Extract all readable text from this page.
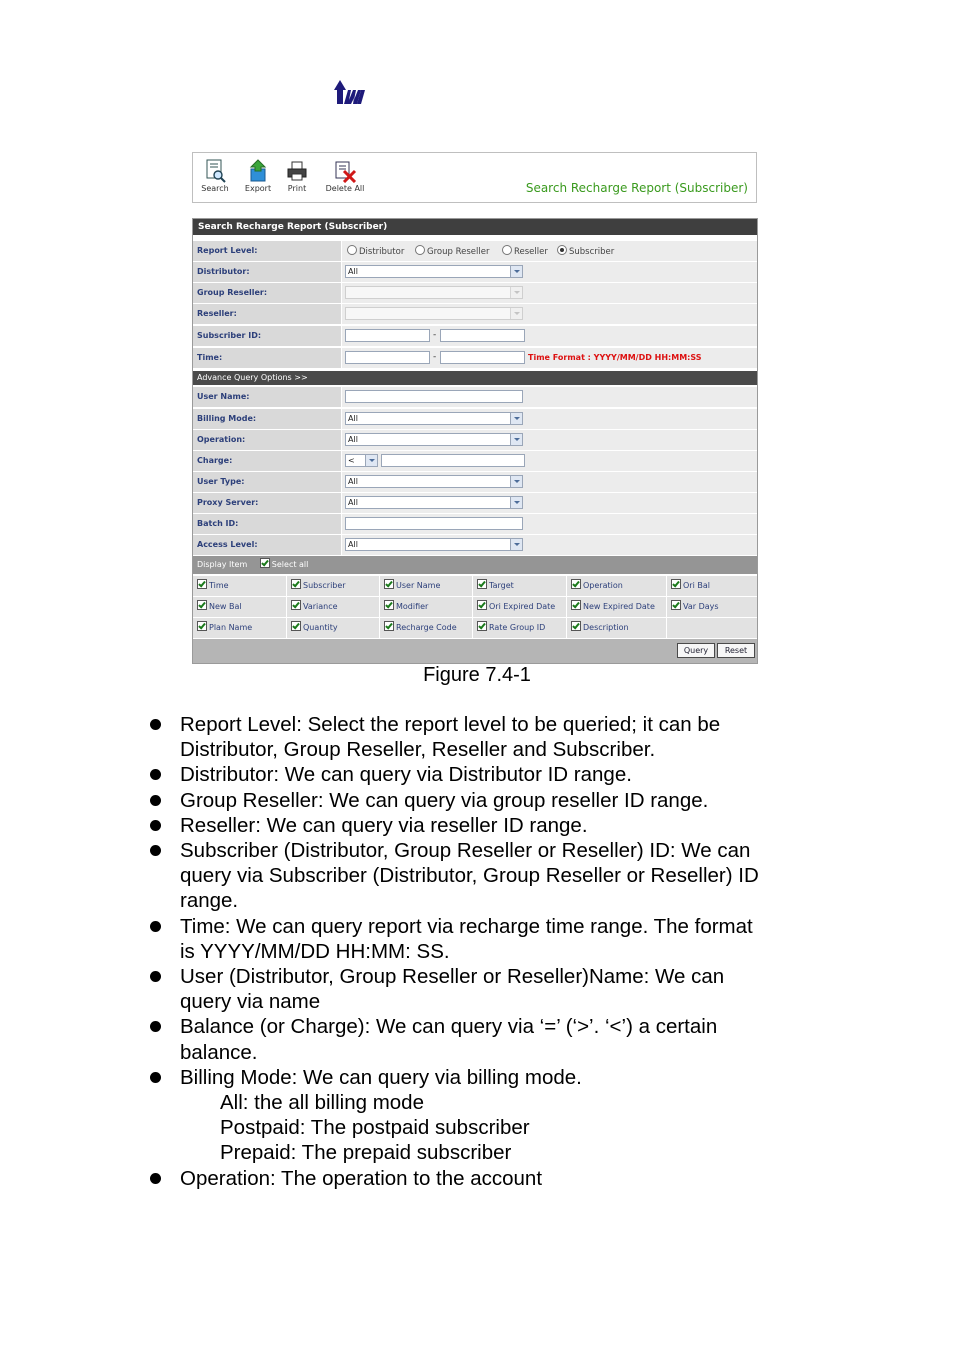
Search	Export	Print	Delete All	Search Recharge Report (Subscriber)
Search Recharge Report (Subscriber)
Report Level:	Distributor	Group Reseller	Reseller	Subscriber
Distributor:	All
Group Reseller:
Reseller:
Subscriber ID:	-
Time:	-	Time Format : YYYY/MM/DD HH:MM:SS
Advance Query Options >>
User Name:
Billing Mode:	All
Operation:	All
Charge:	<
User Type:	All
Proxy Server:	All
Batch ID:
Access Level:	All
Display Item	Select all
Time	Subscriber	User Name	Target	Operation	Ori Bal
New Bal	Variance	Modifier	Ori Expired Date	New Expired Date	Var Days
Plan Name	Quantity	Recharge Code	Rate Group ID	Description
Query	Reset
Figure 7.4-1
Report Level: Select the report level to be queried; it can be
Distributor, Group Reseller, Reseller and Subscriber.
Distributor: We can query via Distributor ID range.
Group Reseller: We can query via group reseller ID range.
Reseller: We can query via reseller ID range.
Subscriber (Distributor, Group Reseller or Reseller) ID: We can
query via Subscriber (Distributor, Group Reseller or Reseller) ID
range.
Time: We can query report via recharge time range. The format
is YYYY/MM/DD HH:MM: SS.
User (Distributor, Group Reseller or Reseller)Name: We can
query via name
Balance (or Charge): We can query via ‘=’ (‘>’. ‘<’) a certain
balance.
Billing Mode: We can query via billing mode.
All: the all billing mode
Postpaid: The postpaid subscriber
Prepaid: The prepaid subscriber
Operation: The operation to the account
